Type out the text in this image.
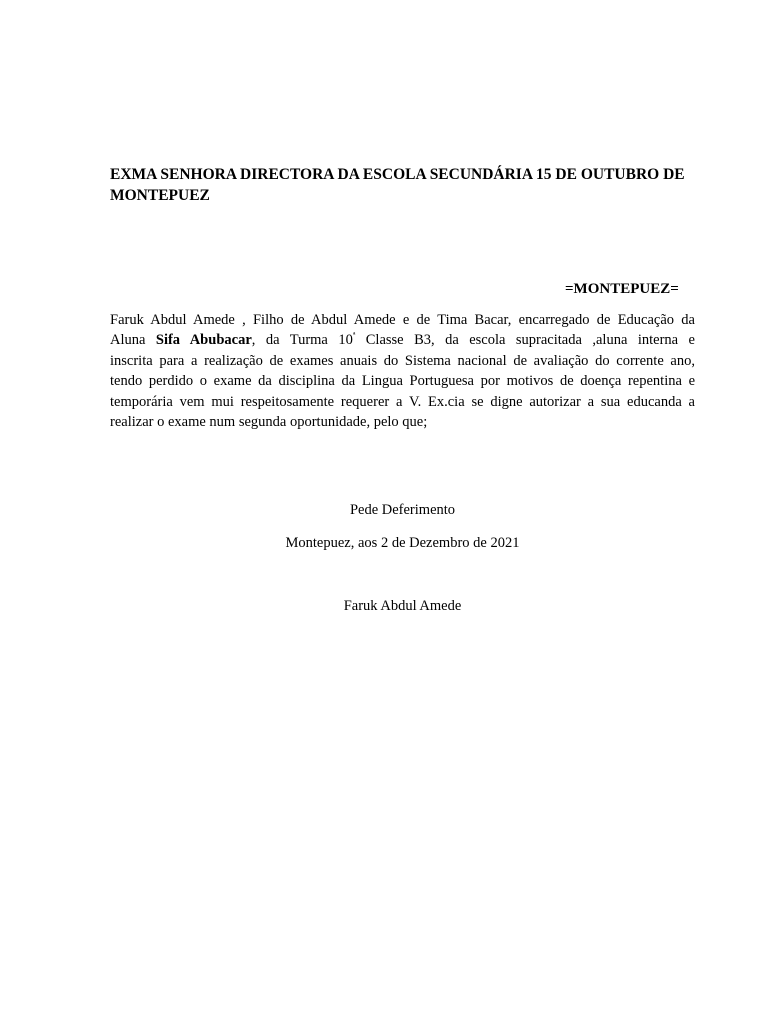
EXMA SENHORA DIRECTORA DA ESCOLA SECUNDÁRIA 15 DE OUTUBRO DE MONTEPUEZ

=MONTEPUEZ=

Faruk Abdul Amede , Filho de Abdul Amede e de Tima Bacar, encarregado de Educação da
Aluna Sifa Abubacar, da Turma $10^ª$ Classe B3, da escola supracitada ,aluna interna e
inscrita para a realização de exames anuais do Sistema nacional de avaliação do corrente ano,
tendo perdido o exame da disciplina da Lingua Portuguesa por motivos de doença repentina e
temporária vem mui respeitosamente requerer a V. Ex.cia se digne autorizar a sua educanda a
realizar o exame num segunda oportunidade, pelo que;

Pede Deferimento

Montepuez, aos 2 de Dezembro de 2021

Faruk Abdul Amede
